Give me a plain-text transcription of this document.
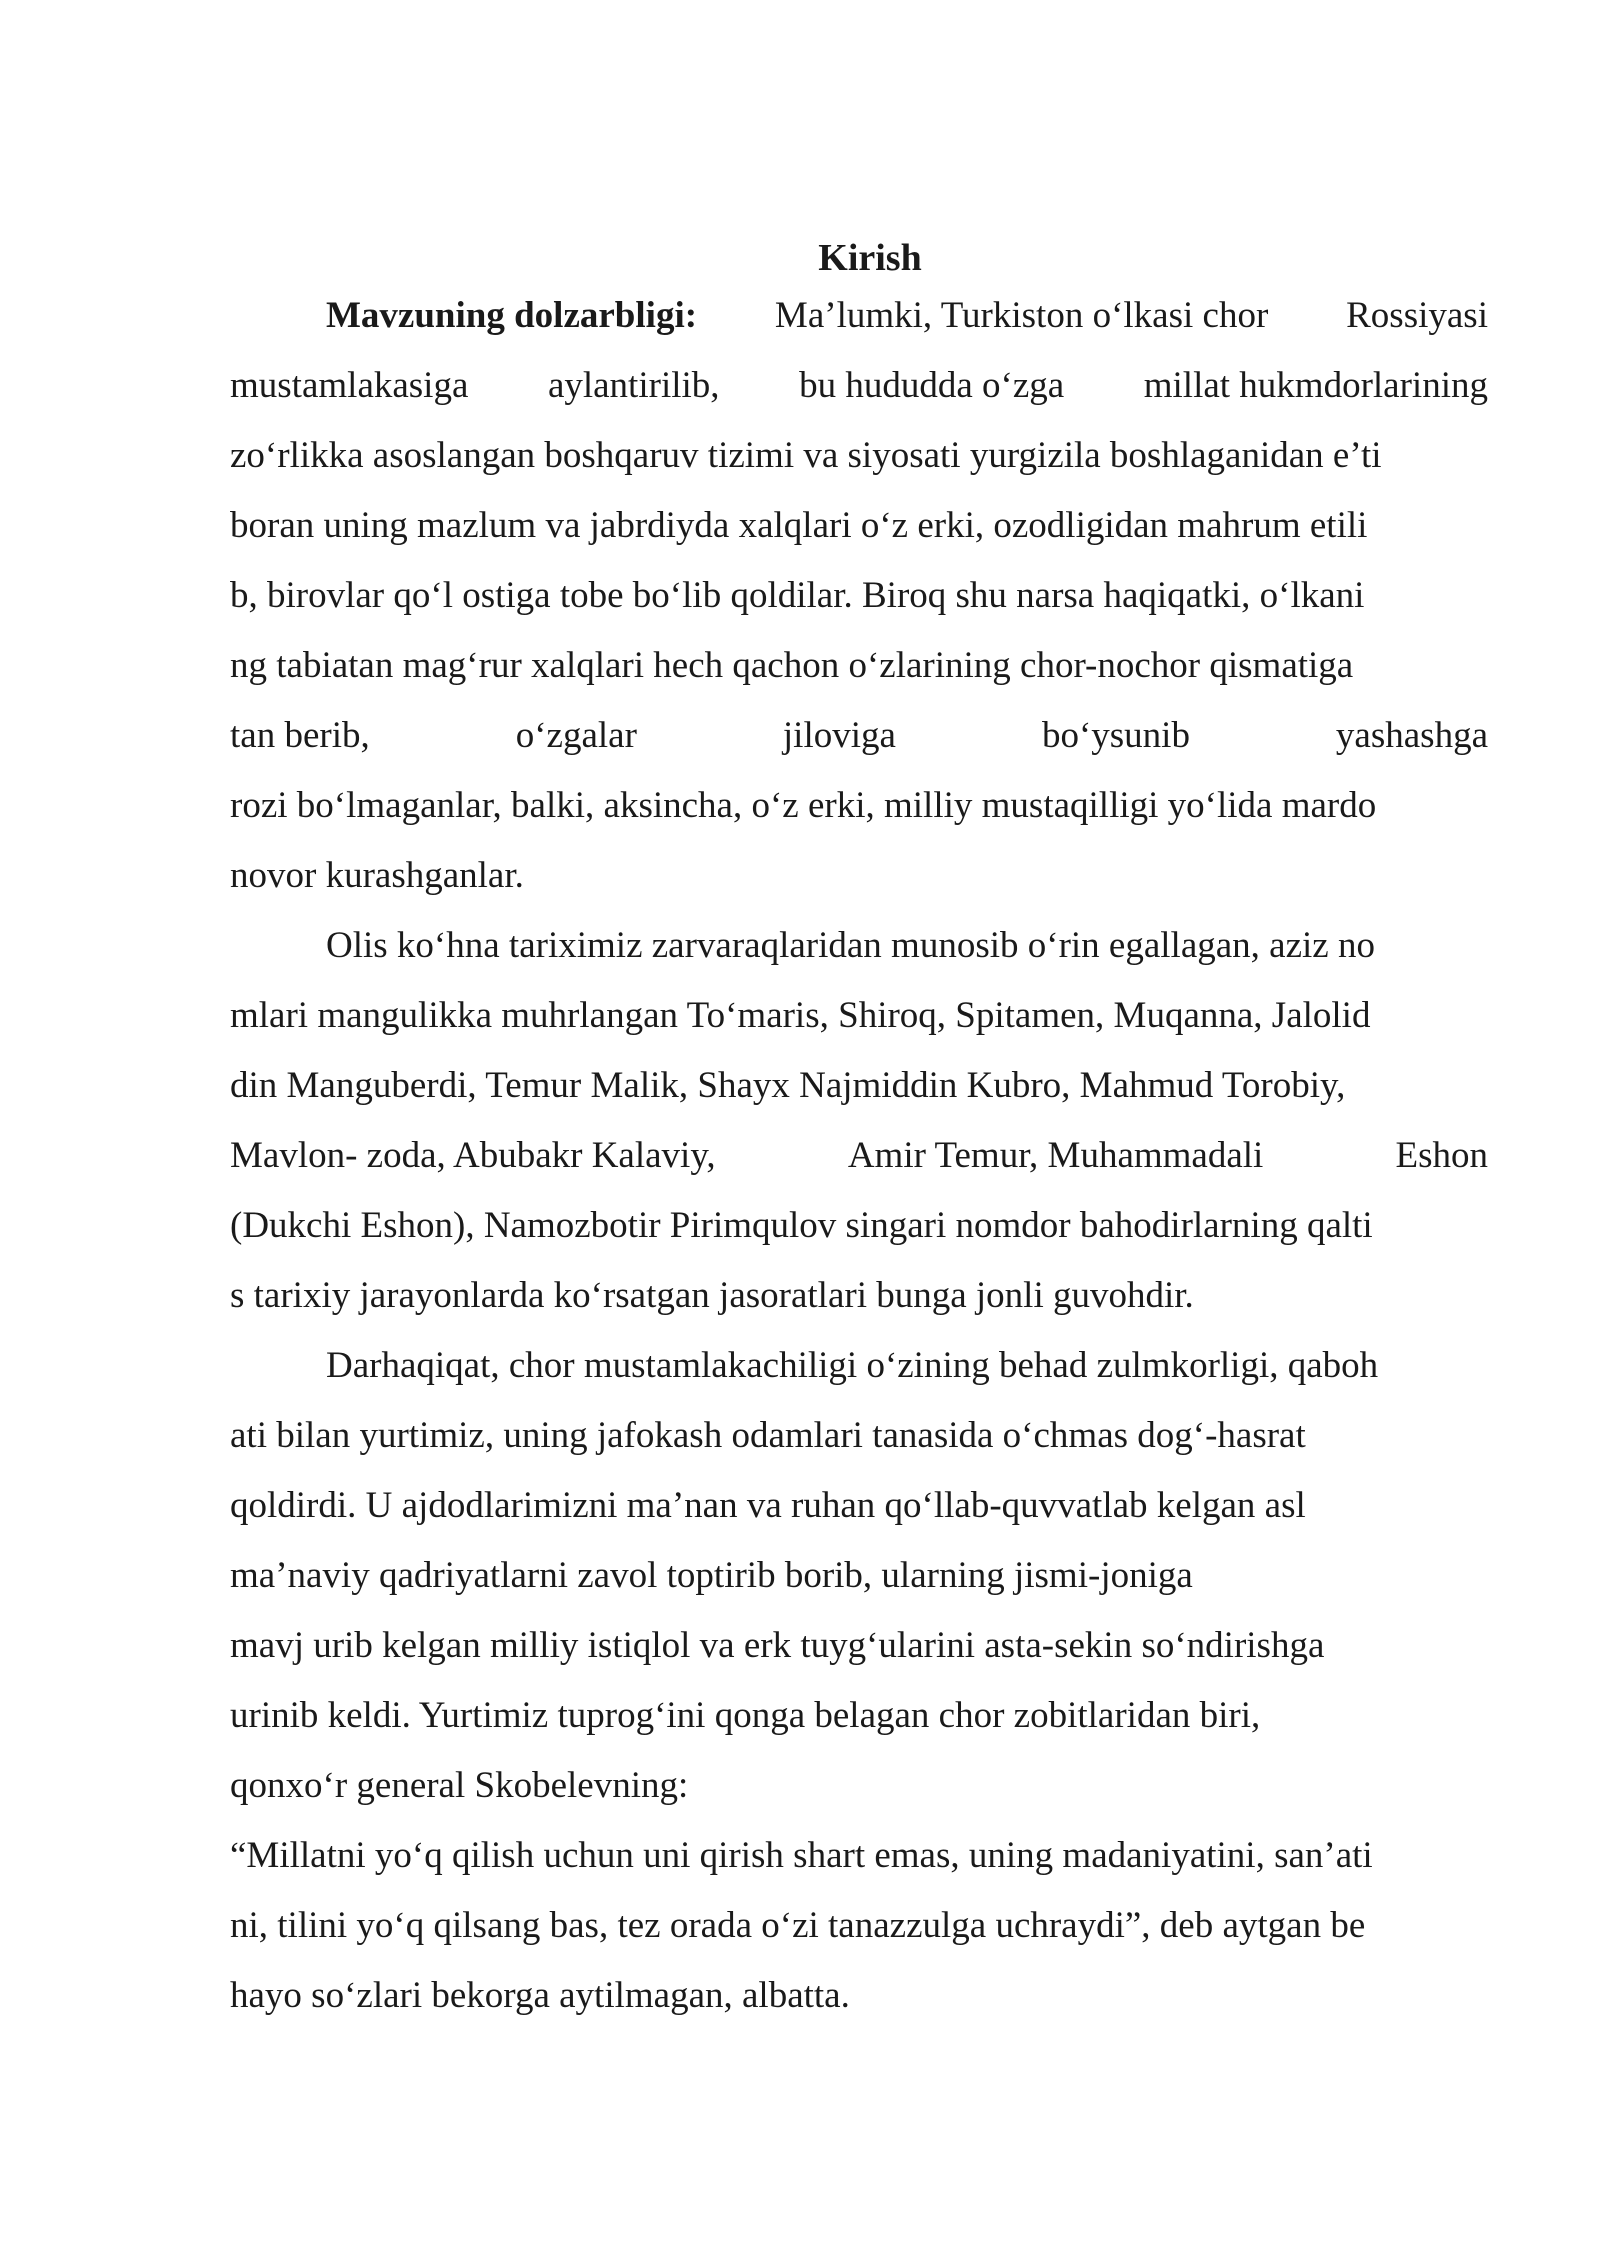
Kirish
Mavzuning dolzarbligi: Ma’lumki, Turkiston o‘lkasi chor Rossiyasi
mustamlakasiga aylantirilib, bu hududda o‘zga millat hukmdorlarining
zo‘rlikka asoslangan boshqaruv tizimi va siyosati yurgizila boshlaganidan e’ti
boran uning mazlum va jabrdiyda xalqlari o‘z erki, ozodligidan mahrum etili
b, birovlar qo‘l ostiga tobe bo‘lib qoldilar. Biroq shu narsa haqiqatki, o‘lkani
ng tabiatan mag‘rur xalqlari hech qachon o‘zlarining chor-nochor qismatiga
tan berib,	o‘zgalar	jiloviga	bo‘ysunib	yashashga
rozi bo‘lmaganlar, balki, aksincha, o‘z erki, milliy mustaqilligi yo‘lida mardo
novor kurashganlar.
Olis ko‘hna tariximiz zarvaraqlaridan munosib o‘rin egallagan, aziz no
mlari mangulikka muhrlangan To‘maris, Shiroq, Spitamen, Muqanna, Jalolid
din Manguberdi, Temur Malik, Shayx Najmiddin Kubro, Mahmud Torobiy,
Mavlon- zoda, Abubakr Kalaviy,	Amir Temur, Muhammadali	Eshon
(Dukchi Eshon), Namozbotir Pirimqulov singari nomdor bahodirlarning qalti
s tarixiy jarayonlarda ko‘rsatgan jasoratlari bunga jonli guvohdir.
Darhaqiqat, chor mustamlakachiligi o‘zining behad zulmkorligi, qaboh
ati bilan yurtimiz, uning jafokash odamlari tanasida o‘chmas dog‘-hasrat
qoldirdi. U ajdodlarimizni ma’nan va ruhan qo‘llab-quvvatlab kelgan asl
ma’naviy qadriyatlarni zavol toptirib borib, ularning jismi-joniga
mavj urib kelgan milliy istiqlol va erk tuyg‘ularini asta-sekin so‘ndirishga
urinib keldi. Yurtimiz tuprog‘ini qonga belagan chor zobitlaridan biri,
qonxo‘r general Skobelevning:
“Millatni yo‘q qilish uchun uni qirish shart emas, uning madaniyatini, san’ati
ni, tilini yo‘q qilsang bas, tez orada o‘zi tanazzulga uchraydi”, deb aytgan be
hayo so‘zlari bekorga aytilmagan, albatta.
